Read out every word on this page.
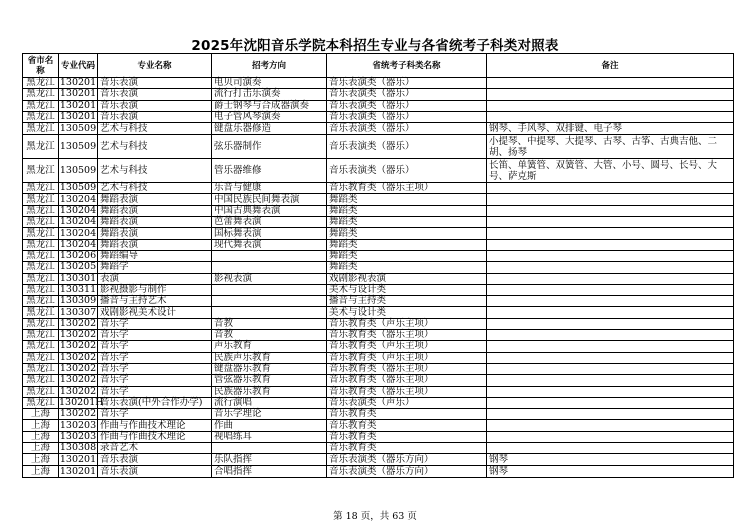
2025年沈阳音乐学院本科招生专业与各省统考子科类对照表
省市名称	专业代码	专业名称	招考方向	省统考子科类名称	备注
黑龙江	130201	音乐表演	电贝司演奏	音乐表演类（器乐）	
黑龙江	130201	音乐表演	流行打击乐演奏	音乐表演类（器乐）	
黑龙江	130201	音乐表演	爵士钢琴与合成器演奏	音乐表演类（器乐）	
黑龙江	130201	音乐表演	电子管风琴演奏	音乐表演类（器乐）	
黑龙江	130509	艺术与科技	键盘乐器修造	音乐表演类（器乐）	钢琴、手风琴、双排键、电子琴
黑龙江	130509	艺术与科技	弦乐器制作	音乐表演类（器乐）	小提琴、中提琴、大提琴、古琴、古筝、古典吉他、二胡、扬琴
黑龙江	130509	艺术与科技	管乐器维修	音乐表演类（器乐）	长笛、单簧管、双簧管、大管、小号、圆号、长号、大号、萨克斯
黑龙江	130509	艺术与科技	乐音与健康	音乐教育类（器乐主项）	
黑龙江	130204	舞蹈表演	中国民族民间舞表演	舞蹈类	
黑龙江	130204	舞蹈表演	中国古典舞表演	舞蹈类	
黑龙江	130204	舞蹈表演	芭蕾舞表演	舞蹈类	
黑龙江	130204	舞蹈表演	国标舞表演	舞蹈类	
黑龙江	130204	舞蹈表演	现代舞表演	舞蹈类	
黑龙江	130206	舞蹈编导		舞蹈类	
黑龙江	130205	舞蹈学		舞蹈类	
黑龙江	130301	表演	影视表演	戏剧影视表演	
黑龙江	130311	影视摄影与制作		美术与设计类	
黑龙江	130309	播音与主持艺术		播音与主持类	
黑龙江	130307	戏剧影视美术设计		美术与设计类	
黑龙江	130202	音乐学	音教	音乐教育类（声乐主项）	
黑龙江	130202	音乐学	音教	音乐教育类（器乐主项）	
黑龙江	130202	音乐学	声乐教育	音乐教育类（声乐主项）	
黑龙江	130202	音乐学	民族声乐教育	音乐教育类（声乐主项）	
黑龙江	130202	音乐学	键盘器乐教育	音乐教育类（器乐主项）	
黑龙江	130202	音乐学	管弦器乐教育	音乐教育类（器乐主项）	
黑龙江	130202	音乐学	民族器乐教育	音乐教育类（器乐主项）	
黑龙江	130201H	音乐表演(中外合作办学)	流行演唱	音乐表演类（声乐）	
上海	130202	音乐学	音乐学理论	音乐教育类	
上海	130203	作曲与作曲技术理论	作曲	音乐教育类	
上海	130203	作曲与作曲技术理论	视唱练耳	音乐教育类	
上海	130308	录音艺术		音乐教育类	
上海	130201	音乐表演	乐队指挥	音乐表演类（器乐方向）	钢琴
上海	130201	音乐表演	合唱指挥	音乐表演类（器乐方向）	钢琴
第 18 页，共 63 页
